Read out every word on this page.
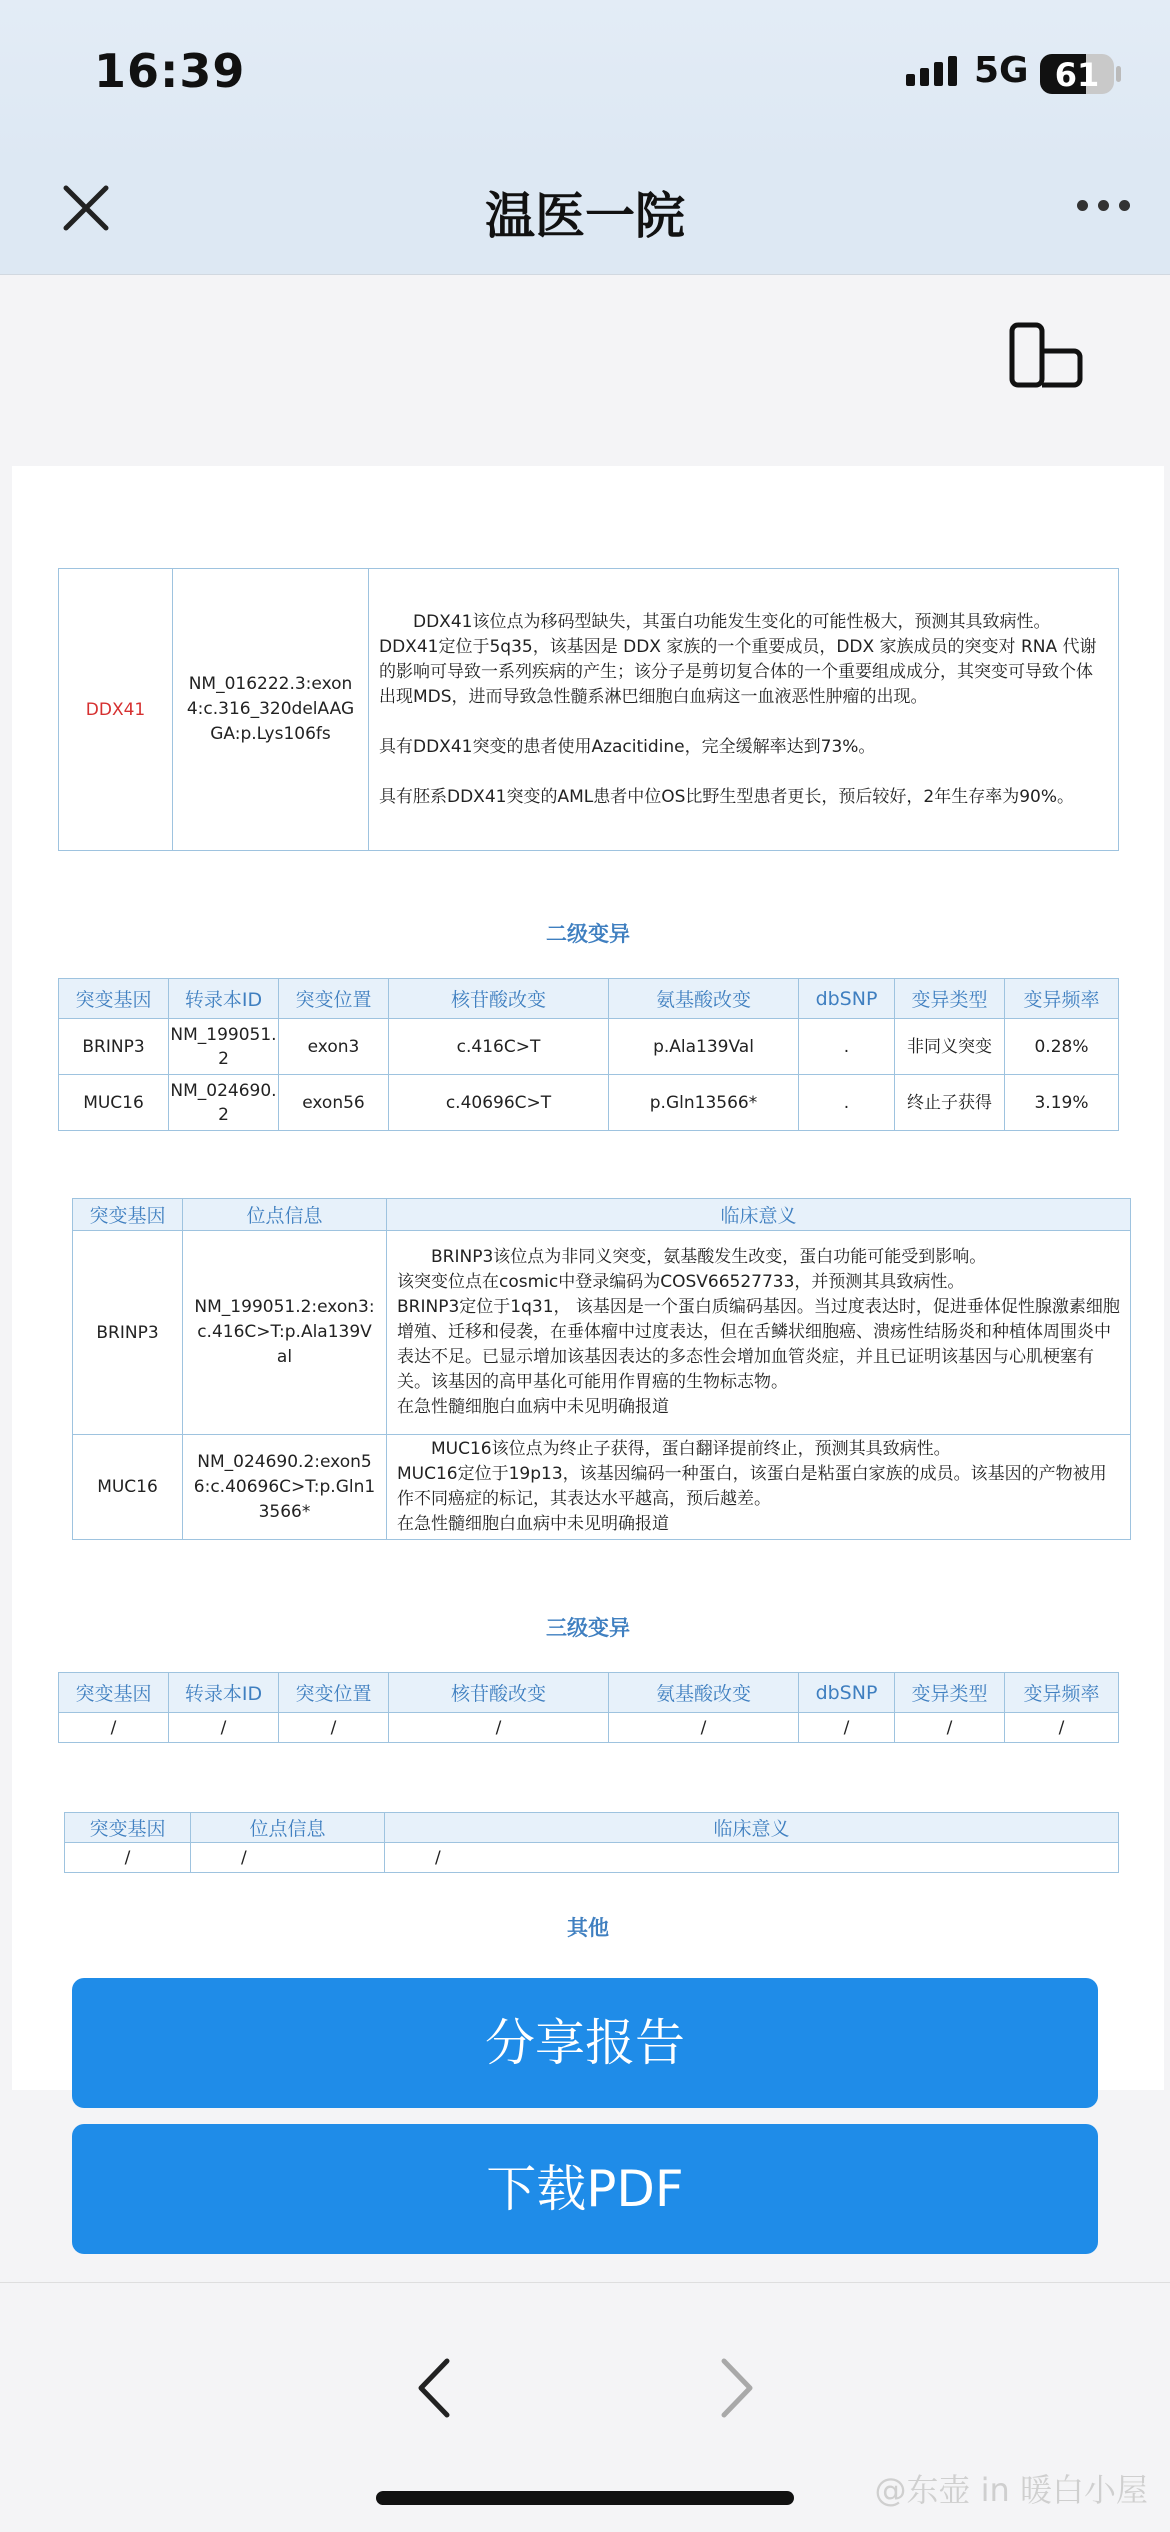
16:39	5G 61
温医一院
DDX41	NM_016222.3:exon4:c.316_320delAAGGA:p.Lys106fs	
DDX41该位点为移码型缺失，其蛋白功能发生变化的可能性极大，预测其具致病性。
DDX41定位于5q35，该基因是 DDX 家族的一个重要成员，DDX 家族成员的突变对 RNA 代谢的影响可导致一系列疾病的产生；该分子是剪切复合体的一个重要组成成分，其突变可导致个体出现MDS，进而导致急性髓系淋巴细胞白血病这一血液恶性肿瘤的出现。
具有DDX41突变的患者使用Azacitidine，完全缓解率达到73%。
具有胚系DDX41突变的AML患者中位OS比野生型患者更长，预后较好，2年生存率为90%。
二级变异
突变基因	转录本ID	突变位置	核苷酸改变	氨基酸改变	dbSNP	变异类型	变异频率
BRINP3	NM_199051.2	exon3	c.416C>T	p.Ala139Val	.	非同义突变	0.28%
MUC16	NM_024690.2	exon56	c.40696C>T	p.Gln13566*	.	终止子获得	3.19%
突变基因	位点信息	临床意义
BRINP3	NM_199051.2:exon3:c.416C>T:p.Ala139Val	BRINP3该位点为非同义突变，氨基酸发生改变，蛋白功能可能受到影响。
该突变位点在cosmic中登录编码为COSV66527733，并预测其具致病性。
BRINP3定位于1q31， 该基因是一个蛋白质编码基因。当过度表达时，促进垂体促性腺激素细胞增殖、迁移和侵袭，在垂体瘤中过度表达，但在舌鳞状细胞癌、溃疡性结肠炎和种植体周围炎中表达不足。已显示增加该基因表达的多态性会增加血管炎症，并且已证明该基因与心肌梗塞有关。该基因的高甲基化可能用作胃癌的生物标志物。
在急性髓细胞白血病中未见明确报道

MUC16	NM_024690.2:exon56:c.40696C>T:p.Gln13566*	MUC16该位点为终止子获得，蛋白翻译提前终止，预测其具致病性。
MUC16定位于19p13，该基因编码一种蛋白，该蛋白是粘蛋白家族的成员。该基因的产物被用作不同癌症的标记，其表达水平越高，预后越差。
在急性髓细胞白血病中未见明确报道
三级变异
突变基因	转录本ID	突变位置	核苷酸改变	氨基酸改变	dbSNP	变异类型	变异频率
/	/	/	/	/	/	/	/
突变基因	位点信息	临床意义
/	/	/
其他
分享报告
下载PDF
@东壶 in 暖白小屋
